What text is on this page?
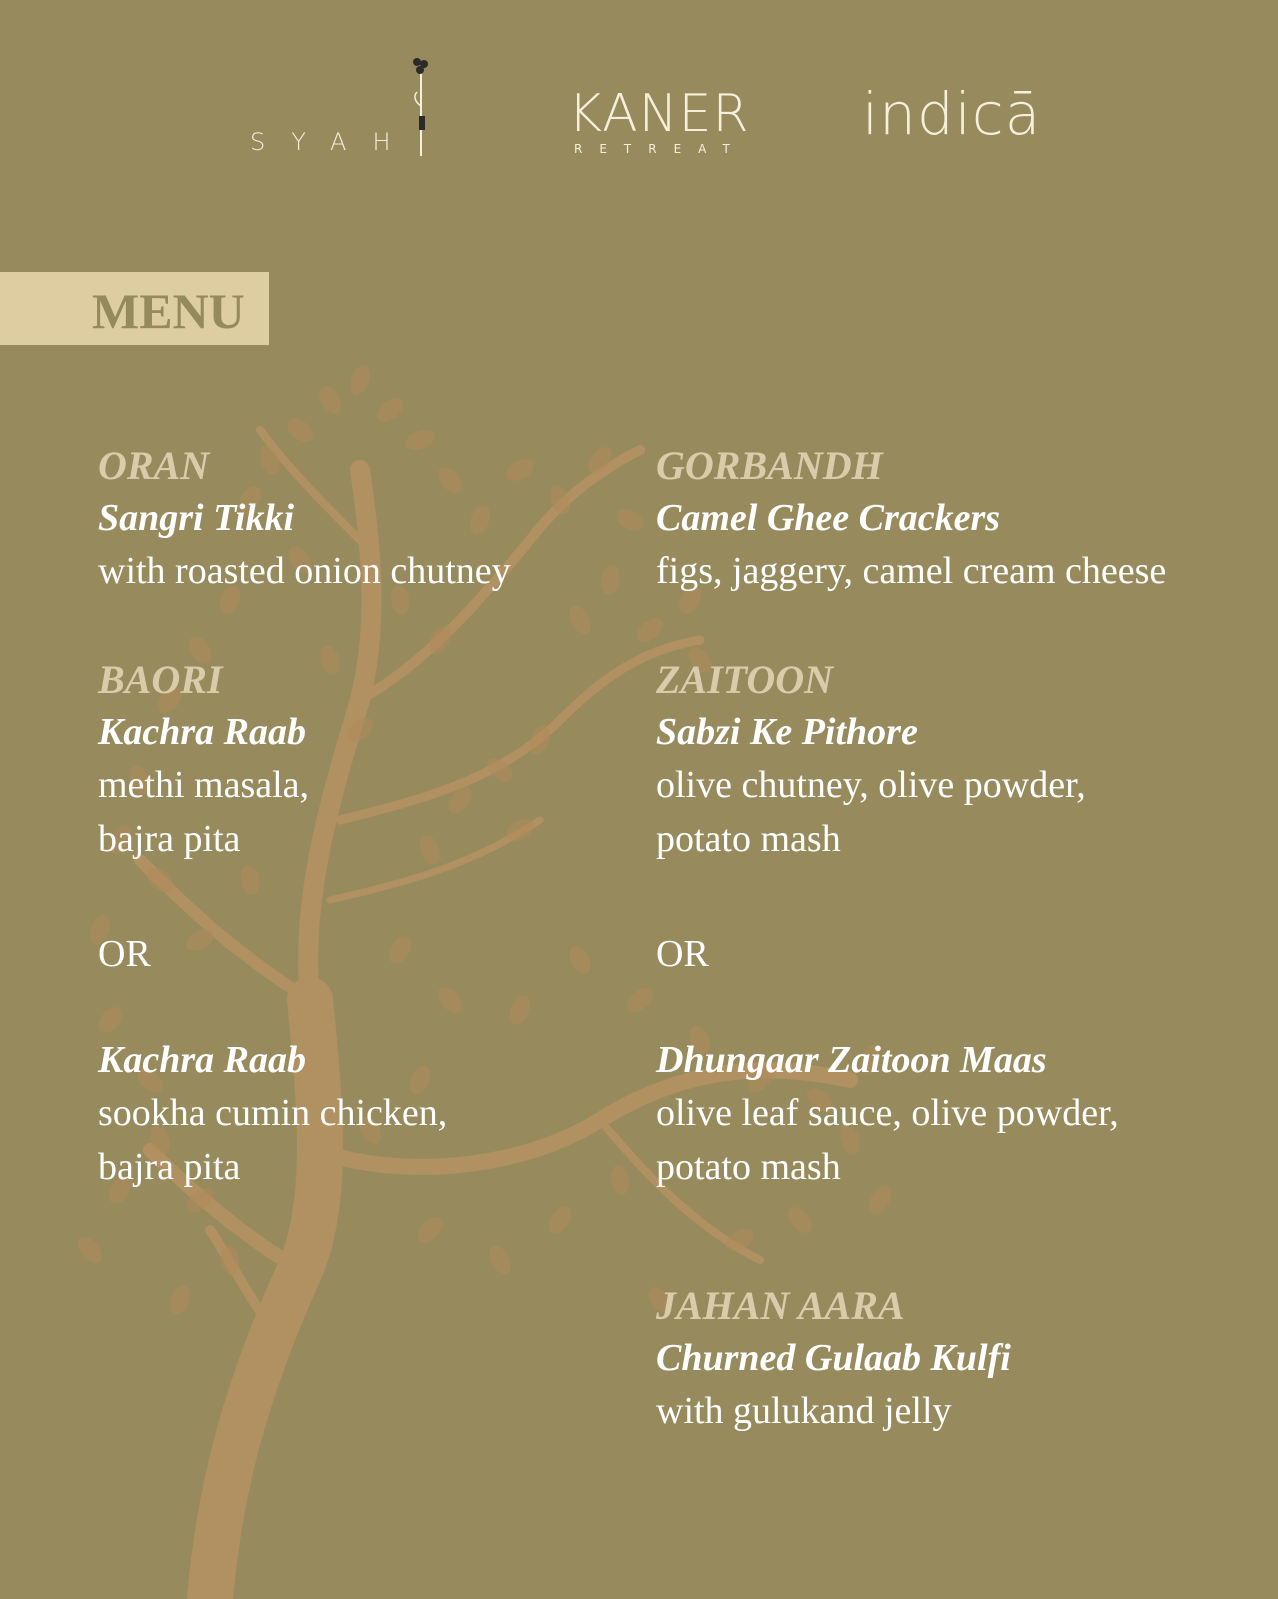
SYAH	KANER
RETREAT
indicā
MENU

ORAN

Sangri Tikki

with roasted onion chutney

BAORI

Kachra Raab

methi masala,
bajra pita

OR

Kachra Raab

sookha cumin chicken,
bajra pita

GORBANDH

Camel Ghee Crackers

figs, jaggery, camel cream cheese

ZAITOON

Sabzi Ke Pithore

olive chutney, olive powder,
potato mash

OR

Dhungaar Zaitoon Maas

olive leaf sauce, olive powder,
potato mash

JAHAN AARA

Churned Gulaab Kulfi

with gulukand jelly
